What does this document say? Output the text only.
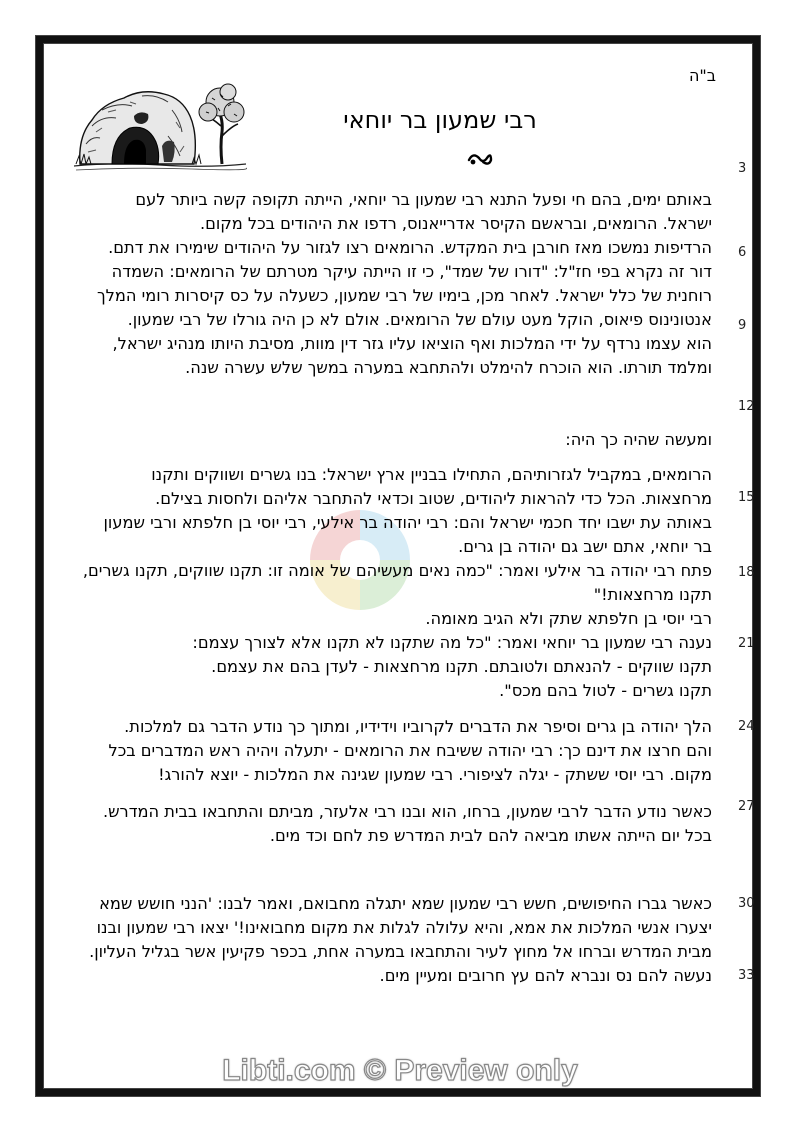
ב"ה
רבי שמעון בר יוחאי
3
6
9
12
15
18
21
24
27
30
33
באותם ימים, בהם חי ופעל התנא רבי שמעון בר יוחאי, הייתה תקופה קשה ביותר לעם
ישראל. הרומאים, ובראשם הקיסר אדרייאנוס, רדפו את היהודים בכל מקום.
הרדיפות נמשכו מאז חורבן בית המקדש. הרומאים רצו לגזור על היהודים שימירו את דתם.
דור זה נקרא בפי חז"ל: "דורו של שמד", כי זו הייתה עיקר מטרתם של הרומאים: השמדה
רוחנית של כלל ישראל. לאחר מכן, בימיו של רבי שמעון, כשעלה על כס קיסרות רומי המלך
אנטונינוס פיאוס, הוקל מעט עולם של הרומאים. אולם לא כן היה גורלו של רבי שמעון.
הוא עצמו נרדף על ידי המלכות ואף הוציאו עליו גזר דין מוות, מסיבת היותו מנהיג ישראל,
ומלמד תורתו. הוא הוכרח להימלט ולהתחבא במערה במשך שלש עשרה שנה.
ומעשה שהיה כך היה:
הרומאים, במקביל לגזרותיהם, התחילו בבניין ארץ ישראל: בנו גשרים ושווקים ותקנו
מרחצאות. הכל כדי להראות ליהודים, שטוב וכדאי להתחבר אליהם ולחסות בצילם.
באותה עת ישבו יחד חכמי ישראל והם: רבי יהודה בר אילעי, רבי יוסי בן חלפתא ורבי שמעון
בר יוחאי, אתם ישב גם יהודה בן גרים.
פתח רבי יהודה בר אילעי ואמר: "כמה נאים מעשיהם של אומה זו: תקנו שווקים, תקנו גשרים,
תקנו מרחצאות!"
רבי יוסי בן חלפתא שתק ולא הגיב מאומה.
נענה רבי שמעון בר יוחאי ואמר: "כל מה שתקנו לא תקנו אלא לצורך עצמם:
תקנו שווקים - להנאתם ולטובתם. תקנו מרחצאות - לעדן בהם את עצמם.
תקנו גשרים - לטול בהם מכס".
הלך יהודה בן גרים וסיפר את הדברים לקרוביו וידידיו, ומתוך כך נודע הדבר גם למלכות.
והם חרצו את דינם כך: רבי יהודה ששיבח את הרומאים - יתעלה ויהיה ראש המדברים בכל
מקום. רבי יוסי ששתק - יגלה לציפורי. רבי שמעון שגינה את המלכות - יוצא להורג!
כאשר נודע הדבר לרבי שמעון, ברחו, הוא ובנו רבי אלעזר, מביתם והתחבאו בבית המדרש.
בכל יום הייתה אשתו מביאה להם לבית המדרש פת לחם וכד מים.
כאשר גברו החיפושים, חשש רבי שמעון שמא יתגלה מחבואם, ואמר לבנו: 'הנני חושש שמא
יצערו אנשי המלכות את אמא, והיא עלולה לגלות את מקום מחבואינו!' יצאו רבי שמעון ובנו
מבית המדרש וברחו אל מחוץ לעיר והתחבאו במערה אחת, בכפר פקיעין אשר בגליל העליון.
נעשה להם נס ונברא להם עץ חרובים ומעיין מים.
Libti.com © Preview only
